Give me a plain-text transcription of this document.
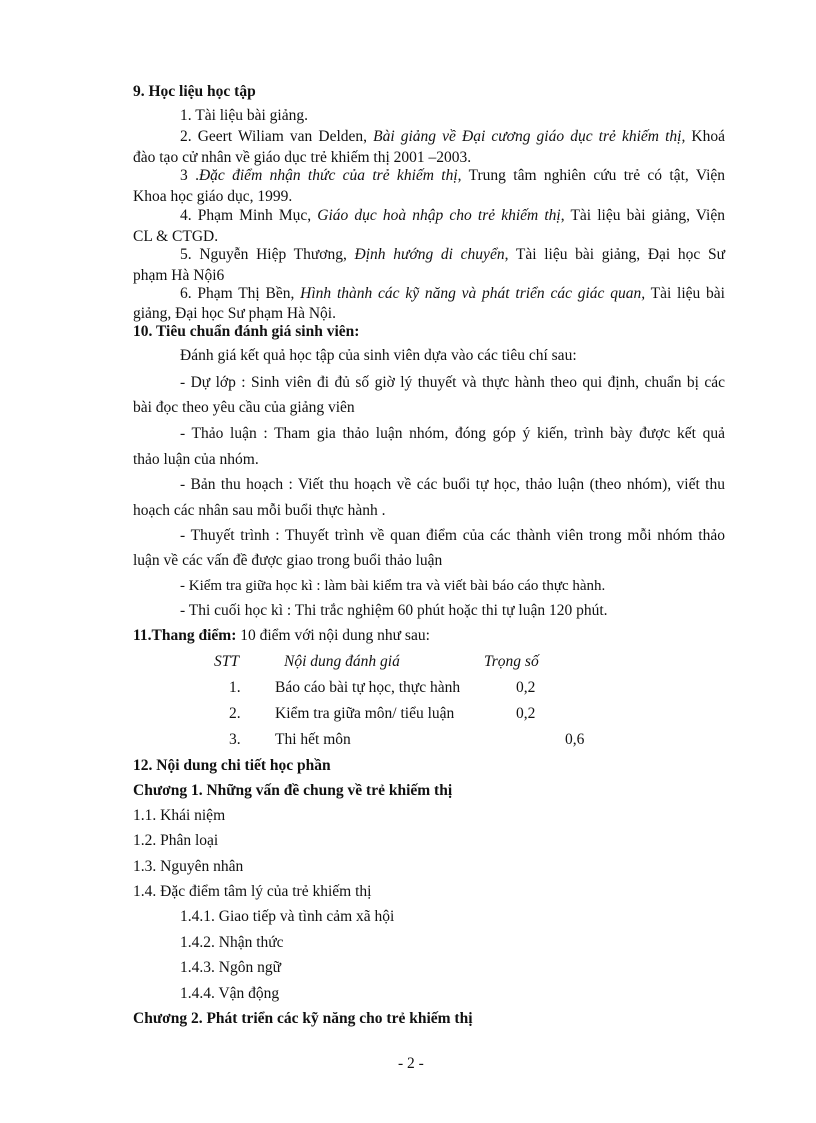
9. Học liệu học tập
1. Tài liệu bài giảng.
2. Geert Wiliam van Delden, Bài giảng về Đại cương giáo dục trẻ khiếm thị, Khoá
đào tạo cử nhân về giáo dục trẻ khiếm thị 2001 –2003.
3 .Đặc điểm nhận thức của trẻ khiếm thị, Trung tâm nghiên cứu trẻ có tật, Viện
Khoa học giáo dục, 1999.
4. Phạm Minh Mục, Giáo dục hoà nhập cho trẻ khiếm thị, Tài liệu bài giảng, Viện
CL & CTGD.
5. Nguyễn Hiệp Thương, Định hướng di chuyển, Tài liệu bài giảng, Đại học Sư
phạm Hà Nội6
6. Phạm Thị Bền, Hình thành các kỹ năng và phát triển các giác quan, Tài liệu bài
giảng, Đại học Sư phạm Hà Nội.
10. Tiêu chuẩn đánh giá sinh viên:
Đánh giá kết quả học tập của sinh viên dựa vào các tiêu chí sau:
- Dự lớp : Sinh viên đi đủ số giờ lý thuyết và thực hành theo qui định, chuẩn bị các
bài đọc theo yêu cầu của giảng viên
- Thảo luận : Tham gia thảo luận nhóm, đóng góp ý kiến, trình bày được kết quả
thảo luận của nhóm.
- Bản thu hoạch : Viết thu hoạch về các buổi tự học, thảo luận (theo nhóm), viết thu
hoạch các nhân sau mỗi buổi thực hành .
- Thuyết trình : Thuyết trình về quan điểm của các thành viên trong mỗi nhóm thảo
luận về các vấn đề được giao trong buổi thảo luận
- Kiểm tra giữa học kì : làm bài kiểm tra và viết bài báo cáo thực hành.
- Thi cuối học kì : Thi trắc nghiệm 60 phút hoặc thi tự luận 120 phút.
11.Thang điểm: 10 điểm với nội dung như sau:
STT	Nội dung đánh giá	Trọng số
1. Báo cáo bài tự học, thực hành	0,2
2. Kiểm tra giữa môn/ tiểu luận	0,2
3. Thi hết môn	0,6
12. Nội dung chi tiết học phần
Chương 1. Những vấn đề chung về trẻ khiếm thị
1.1. Khái niệm
1.2. Phân loại
1.3. Nguyên nhân
1.4. Đặc điểm tâm lý của trẻ khiếm thị
1.4.1. Giao tiếp và tình cảm xã hội
1.4.2. Nhận thức
1.4.3. Ngôn ngữ
1.4.4. Vận động
Chương 2. Phát triển các kỹ năng cho trẻ khiếm thị
- 2 -
